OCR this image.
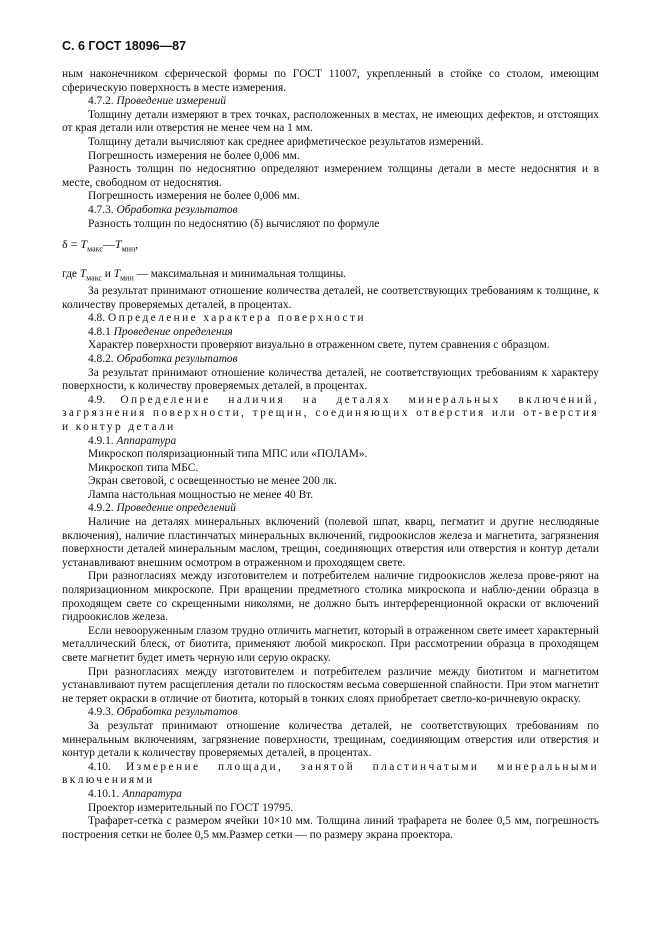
С. 6 ГОСТ 18096—87

ным наконечником сферической формы по ГОСТ 11007, укрепленный в стойке со столом, имеющим сферическую поверхность в месте измерения.

4.7.2. Проведение измерений

Толщину детали измеряют в трех точках, расположенных в местах, не имеющих дефектов, и отстоящих от края детали или отверстия не менее чем на 1 мм.

Толщину детали вычисляют как среднее арифметическое результатов измерений.

Погрешность измерения не более 0,006 мм.

Разность толщин по недоснятию определяют измерением толщины детали в месте недоснятия и в месте, свободном от недоснятия.

Погрешность измерения не более 0,006 мм.

4.7.3. Обработка результатов

Разность толщин по недоснятию (δ) вычисляют по формуле

$\delta = T_{макс}—T_{мин}$,

где $T_{макс}$ и $T_{мин}$ — максимальная и минимальная толщины.

За результат принимают отношение количества деталей, не соответствующих требованиям к толщине, к количеству проверяемых деталей, в процентах.

4.8. Определение характера поверхности

4.8.1 Проведение определения

Характер поверхности проверяют визуально в отраженном свете, путем сравнения с образцом.

4.8.2. Обработка результатов

За результат принимают отношение количества деталей, не соответствующих требованиям к характеру поверхности, к количеству проверяемых деталей, в процентах.

4.9. Определение наличия на деталях минеральных включений, загрязнения поверхности, трещин, соединяющих отверстия или от-верстия и контур детали

4.9.1. Аппаратура

Микроскоп поляризационный типа МПС или «ПОЛАМ».

Микроскоп типа МБС.

Экран световой, с освещенностью не менее 200 лк.

Лампа настольная мощностью не менее 40 Вт.

4.9.2. Проведение определений

Наличие на деталях минеральных включений (полевой шпат, кварц, пегматит и другие неслюдяные включения), наличие пластинчатых минеральных включений, гидроокислов железа и магнетита, загрязнения поверхности деталей минеральным маслом, трещин, соединяющих отверстия или отверстия и контур детали устанавливают внешним осмотром в отраженном и проходящем свете.

При разногласиях между изготовителем и потребителем наличие гидроокислов железа прове-ряют на поляризационном микроскопе. При вращении предметного столика микроскопа и наблю-дении образца в проходящем свете со скрещенными николями, не должно быть интерференционной окраски от включений гидроокислов железа.

Если невооруженным глазом трудно отличить магнетит, который в отраженном свете имеет характерный металлический блеск, от биотита, применяют любой микроскоп. При рассмотрении образца в проходящем свете магнетит будет иметь черную или серую окраску.

При разногласиях между изготовителем и потребителем различие между биотитом и магнетитом устанавливают путем расщепления детали по плоскостям весьма совершенной спайности. При этом магнетит не теряет окраски в отличие от биотита, который в тонких слоях приобретает светло-ко-ричневую окраску.

4.9.3. Обработка результатов

За результат принимают отношение количества деталей, не соответствующих требованиям по минеральным включениям, загрязнение поверхности, трещинам, соединяющим отверстия или отверстия и контур детали к количеству проверяемых деталей, в процентах.

4.10. Измерение площади, занятой пластинчатыми минеральными включениями

4.10.1. Аппаратура

Проектор измерительный по ГОСТ 19795.

Трафарет-сетка с размером ячейки 10×10 мм. Толщина линий трафарета не более 0,5 мм, погрешность построения сетки не более 0,5 мм.Размер сетки — по размеру экрана проектора.
